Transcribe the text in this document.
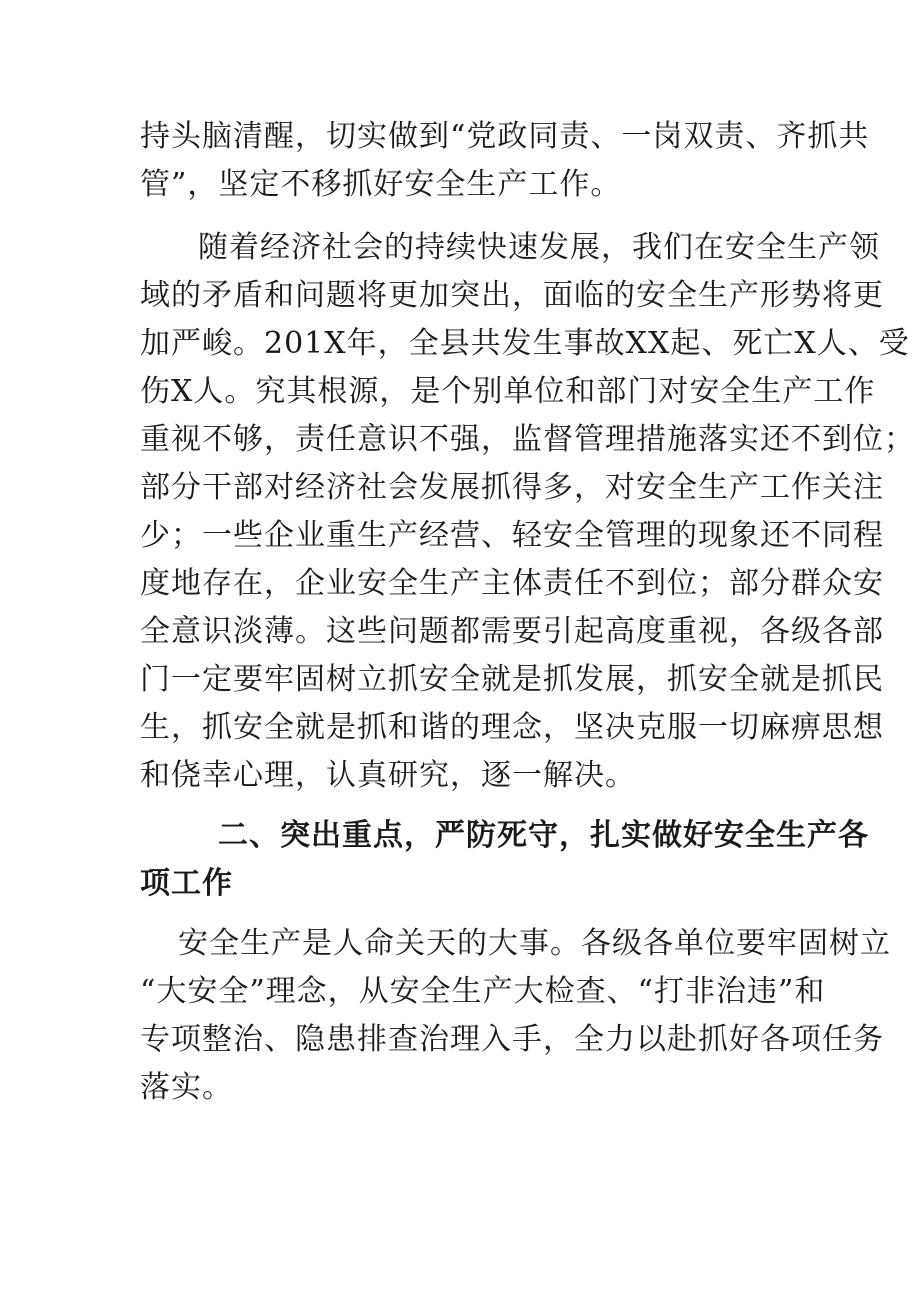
持头脑清醒，切实做到“党政同责、一岗双责、齐抓共

管”，坚定不移抓好安全生产工作。

随着经济社会的持续快速发展，我们在安全生产领

域的矛盾和问题将更加突出，面临的安全生产形势将更

加严峻。201X年，全县共发生事故XX起、死亡X人、受

伤X人。究其根源，是个别单位和部门对安全生产工作

重视不够，责任意识不强，监督管理措施落实还不到位；

部分干部对经济社会发展抓得多，对安全生产工作关注

少；一些企业重生产经营、轻安全管理的现象还不同程

度地存在，企业安全生产主体责任不到位；部分群众安

全意识淡薄。这些问题都需要引起高度重视，各级各部

门一定要牢固树立抓安全就是抓发展，抓安全就是抓民

生，抓安全就是抓和谐的理念，坚决克服一切麻痹思想

和侥幸心理，认真研究，逐一解决。

二、突出重点，严防死守，扎实做好安全生产各

项工作

安全生产是人命关天的大事。各级各单位要牢固树立

“大安全”理念，从安全生产大检查、“打非治违”和

专项整治、隐患排查治理入手，全力以赴抓好各项任务

落实。
